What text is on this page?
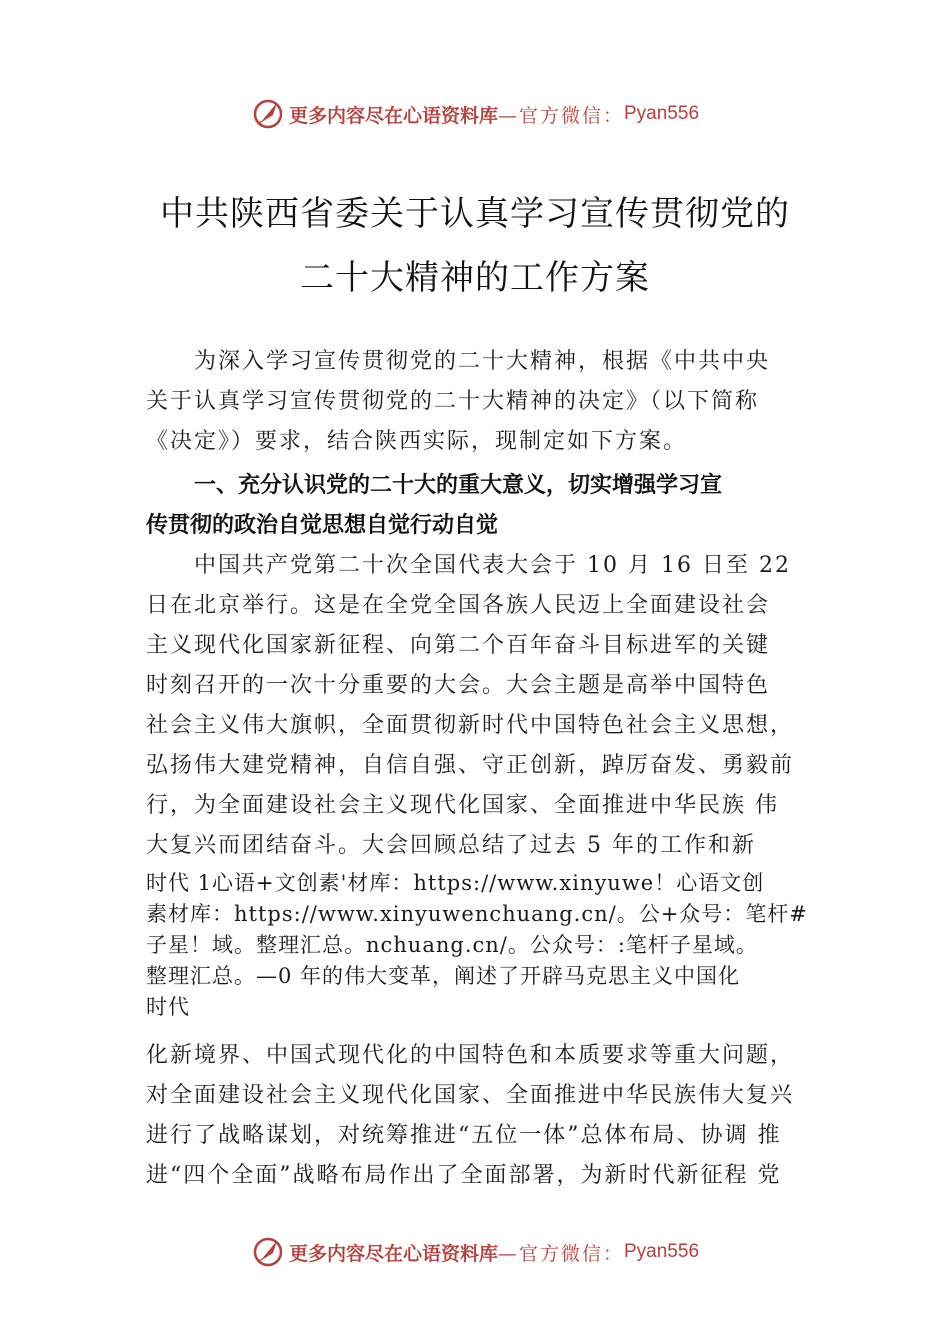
更多内容尽在心语资料库 —官方微信： Pyan556
中共陕西省委关于认真学习宣传贯彻党的
二十大精神的工作方案
为深入学习宣传贯彻党的二十大精神，根据《中共中央
关于认真学习宣传贯彻党的二十大精神的决定》（以下简称
《决定》）要求，结合陕西实际，现制定如下方案。
一、充分认识党的二十大的重大意义，切实增强学习宣
传贯彻的政治自觉思想自觉行动自觉
中国共产党第二十次全国代表大会于 10 月 16 日至 22
日在北京举行。这是在全党全国各族人民迈上全面建设社会
主义现代化国家新征程、向第二个百年奋斗目标进军的关键
时刻召开的一次十分重要的大会。大会主题是高举中国特色
社会主义伟大旗帜，全面贯彻新时代中国特色社会主义思想，
弘扬伟大建党精神，自信自强、守正创新，踔厉奋发、勇毅前
行，为全面建设社会主义现代化国家、全面推进中华民族 伟
大复兴而团结奋斗。大会回顾总结了过去 5 年的工作和新
时代 1心语+文创素'材库：https://www.xinyuwe！心语文创
素材库：https://www.xinyuwenchuang.cn/。公+众号：笔杆#
子星！域。整理汇总。nchuang.cn/。公众号：:笔杆子星域。
整理汇总。—0 年的伟大变革，阐述了开辟马克思主义中国化
时代
化新境界、中国式现代化的中国特色和本质要求等重大问题，
对全面建设社会主义现代化国家、全面推进中华民族伟大复兴
进行了战略谋划，对统筹推进“五位一体”总体布局、协调 推
进“四个全面”战略布局作出了全面部署，为新时代新征程 党
更多内容尽在心语资料库 —官方微信： Pyan556
